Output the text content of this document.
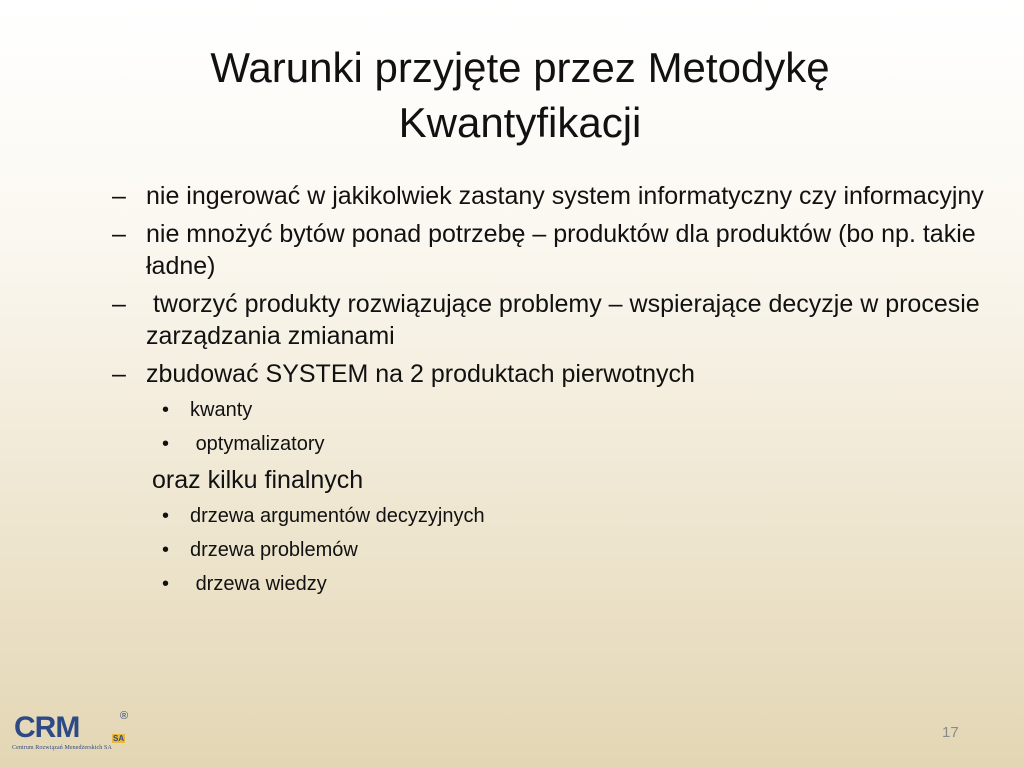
Warunki przyjęte przez Metodykę
Kwantyfikacji
– nie ingerować w jakikolwiek zastany system informatyczny czy informacyjny
– nie mnożyć bytów ponad potrzebę – produktów dla produktów (bo np. takie ładne)
– tworzyć produkty rozwiązujące problemy – wspierające decyzje w procesie zarządzania zmianami
– zbudować SYSTEM na 2 produktach pierwotnych
• kwanty
• optymalizatory
oraz kilku finalnych
• drzewa argumentów decyzyjnych
• drzewa problemów
• drzewa wiedzy
CRM	®
SA
Centrum Rozwiązań Menedżerskich SA
17
